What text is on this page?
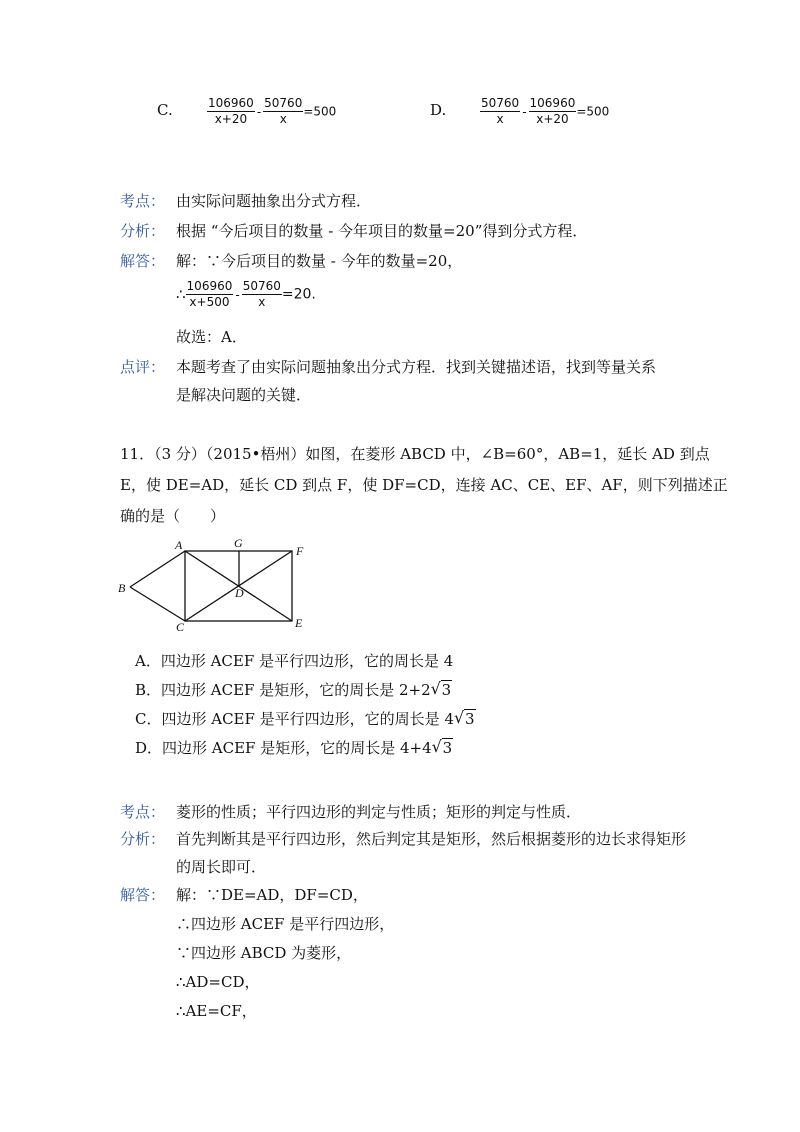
C.	$\frac{106960}{x+20} - \frac{50760}{x} =500$	D.	$\frac{50760}{x} - \frac{106960}{x+20} =500$
考点： 由实际问题抽象出分式方程．
分析： 根据 “今后项目的数量 - 今年项目的数量=20”得到分式方程．
解答： 解：∵今后项目的数量 - 今年的数量=20，
∴ $\frac{106960}{x+500} - \frac{50760}{x} =20$.
故选：A．
点评： 本题考查了由实际问题抽象出分式方程．找到关键描述语，找到等量关系
是解决问题的关键．
11．（3 分）（2015•梧州）如图，在菱形 ABCD 中，∠B=60°，AB=1，延长 AD 到点
E，使 DE=AD，延长 CD 到点 F，使 DF=CD，连接 AC、CE、EF、AF，则下列描述正
确的是（　　）
A
B
C
D
E
F
G
A．四边形 ACEF 是平行四边形，它的周长是 4
B．四边形 ACEF 是矩形，它的周长是 2+2 √ 3
C．四边形 ACEF 是平行四边形，它的周长是 4 √ 3
D．四边形 ACEF 是矩形，它的周长是 4+4 √ 3
考点： 菱形的性质；平行四边形的判定与性质；矩形的判定与性质．
分析： 首先判断其是平行四边形，然后判定其是矩形，然后根据菱形的边长求得矩形
的周长即可．
解答： 解：∵DE=AD，DF=CD，
∴四边形 ACEF 是平行四边形，
∵四边形 ABCD 为菱形，
∴AD=CD，
∴AE=CF，
